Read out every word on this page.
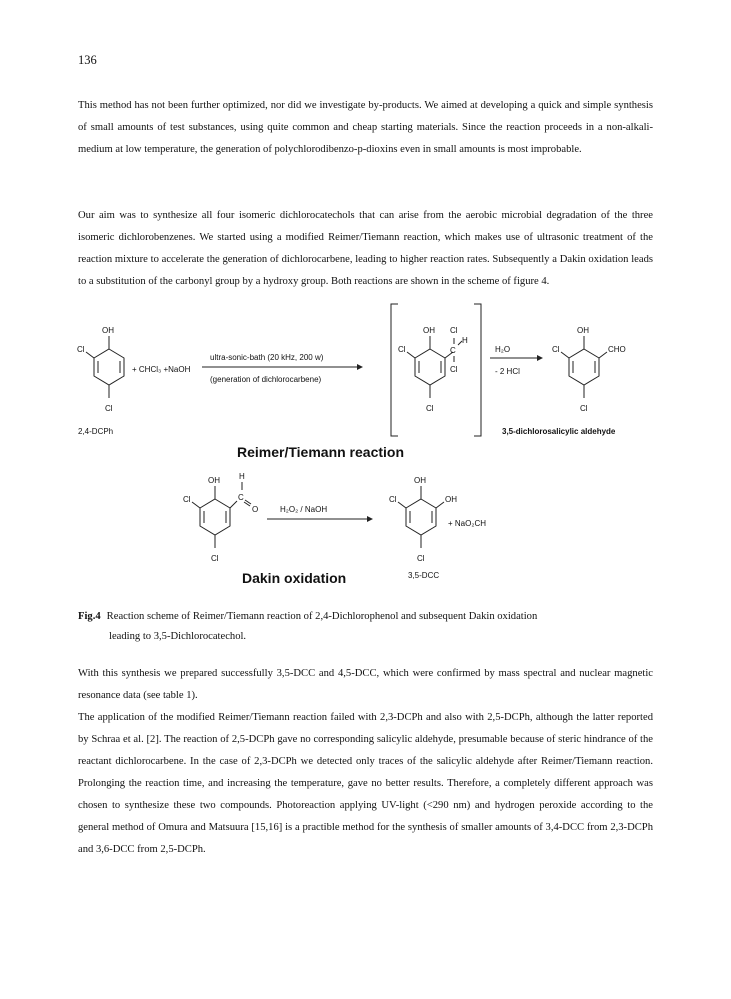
136

This method has not been further optimized, nor did we investigate by-products. We aimed at developing a quick and simple synthesis of small amounts of test substances, using quite common and cheap starting materials. Since the reaction proceeds in a non-alkali-medium at low temperature, the generation of polychlorodibenzo-p-dioxins even in small amounts is most improbable.

Our aim was to synthesize all four isomeric dichlorocatechols that can arise from the aerobic microbial degradation of the three isomeric dichlorobenzenes. We started using a modified Reimer/Tiemann reaction, which makes use of ultrasonic treatment of the reaction mixture to accelerate the generation of dichlorocarbene, leading to higher reaction rates. Subsequently a Dakin oxidation leads to a substitution of the carbonyl group by a hydroxy group. Both reactions are shown in the scheme of figure 4.

OH
Cl
Cl
2,4-DCPh
+ CHCl₃ +NaOH
ultra-sonic-bath (20 kHz, 200 w)
(generation of dichlorocarbene)
OH Cl
C
H
Cl
Cl
Cl
H₂O
- 2 HCl
OH
Cl	CHO
Cl
3,5-dichlorosalicylic aldehyde
Reimer/Tiemann reaction
OH H
C
O
Cl
Cl
H₂O₂ / NaOH
OH
Cl	OH
Cl
3,5-DCC
+ NaO₂CH
Dakin oxidation
Fig.4 Reaction scheme of Reimer/Tiemann reaction of 2,4-Dichlorophenol and subsequent Dakin oxidation
leading to 3,5-Dichlorocatechol.

With this synthesis we prepared successfully 3,5-DCC and 4,5-DCC, which were confirmed by mass spectral and nuclear magnetic resonance data (see table 1).

The application of the modified Reimer/Tiemann reaction failed with 2,3-DCPh and also with 2,5-DCPh, although the latter reported by Schraa et al. [2]. The reaction of 2,5-DCPh gave no corresponding salicylic aldehyde, presumable because of steric hindrance of the reactant dichlorocarbene. In the case of 2,3-DCPh we detected only traces of the salicylic aldehyde after Reimer/Tiemann reaction. Prolonging the reaction time, and increasing the temperature, gave no better results. Therefore, a completely different approach was chosen to synthesize these two compounds. Photoreaction applying UV-light (<290 nm) and hydrogen peroxide according to the general method of Omura and Matsuura [15,16] is a practible method for the synthesis of smaller amounts of 3,4-DCC from 2,3-DCPh and 3,6-DCC from 2,5-DCPh.
